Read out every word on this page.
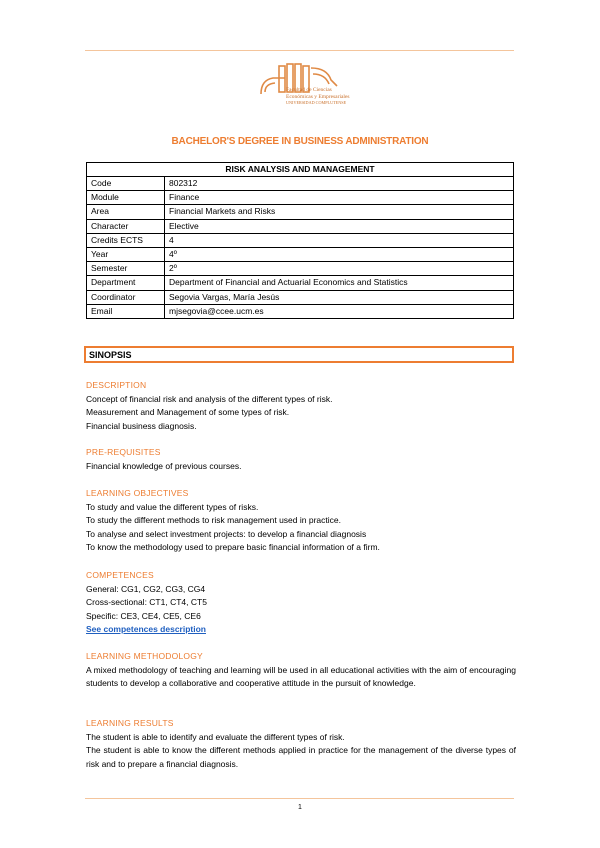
Facultad de Ciencias
Económicas y Empresariales
UNIVERSIDAD COMPLUTENSE
BACHELOR'S DEGREE IN BUSINESS ADMINISTRATION
RISK ANALYSIS AND MANAGEMENT	
Code	802312
Module	Finance
Area	Financial Markets and Risks
Character	Elective
Credits ECTS	4
Year	4º
Semester	2º
Department	Department of Financial and Actuarial Economics and Statistics
Coordinator	Segovia Vargas, María Jesús
Email	mjsegovia@ccee.ucm.es
SINOPSIS
DESCRIPTION

Concept of financial risk and analysis of the different types of risk.

Measurement and Management of some types of risk.

Financial business diagnosis.

PRE-REQUISITES

Financial knowledge of previous courses.

LEARNING OBJECTIVES

To study and value the different types of risks.

To study the different methods to risk management used in practice.

To analyse and select investment projects: to develop a financial diagnosis

To know the methodology used to prepare basic financial information of a firm.

COMPETENCES

General: CG1, CG2, CG3, CG4

Cross-sectional: CT1, CT4, CT5

Specific: CE3, CE4, CE5, CE6

See competences description

LEARNING METHODOLOGY

A mixed methodology of teaching and learning will be used in all educational activities with the aim of encouraging students to develop a collaborative and cooperative attitude in the pursuit of knowledge.

LEARNING RESULTS

The student is able to identify and evaluate the different types of risk.

The student is able to know the different methods applied in practice for the management of the diverse types of risk and to prepare a financial diagnosis.

1
